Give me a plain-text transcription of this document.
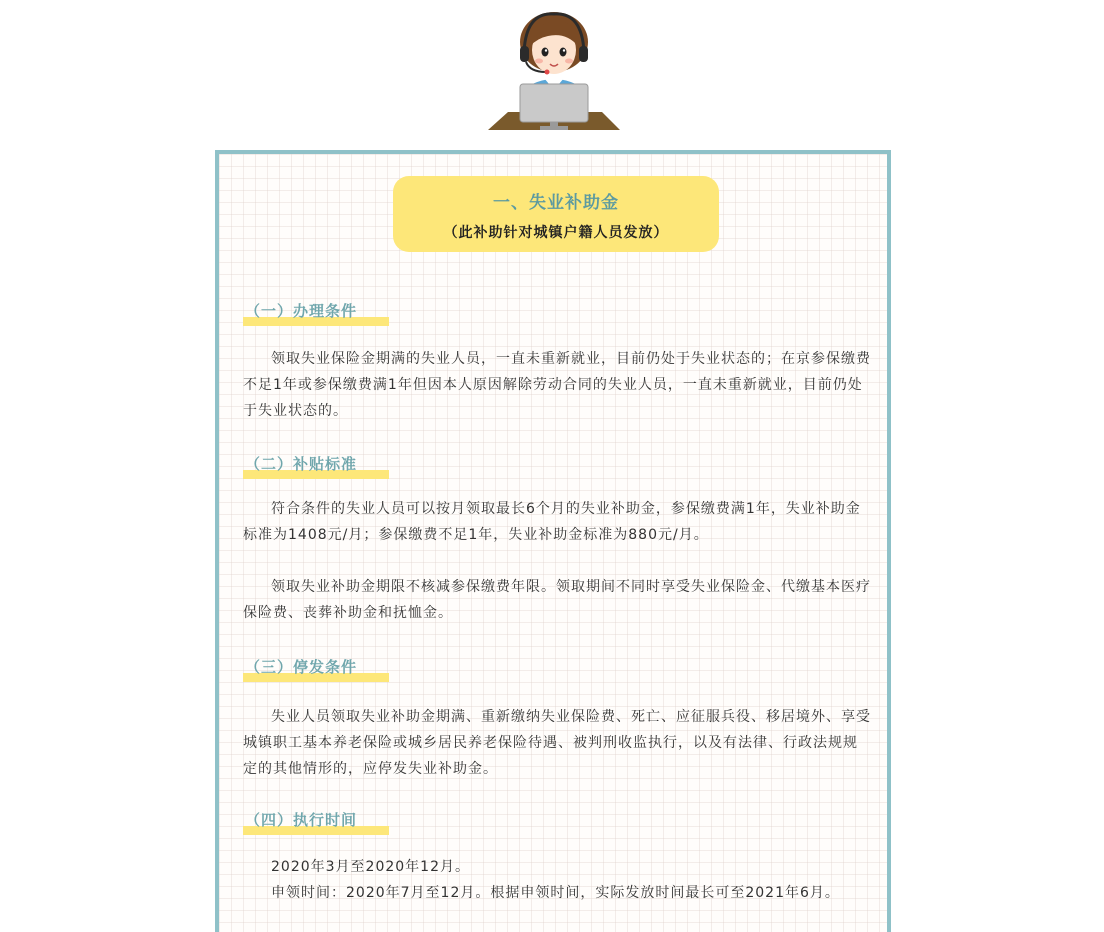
一、失业补助金
（此补助针对城镇户籍人员发放）
（一）办理条件

领取失业保险金期满的失业人员，一直未重新就业，目前仍处于失业状态的；在京参保缴费不足1年或参保缴费满1年但因本人原因解除劳动合同的失业人员，一直未重新就业，目前仍处于失业状态的。

（二）补贴标准

符合条件的失业人员可以按月领取最长6个月的失业补助金，参保缴费满1年，失业补助金标准为1408元/月；参保缴费不足1年，失业补助金标准为880元/月。

领取失业补助金期限不核减参保缴费年限。领取期间不同时享受失业保险金、代缴基本医疗保险费、丧葬补助金和抚恤金。

（三）停发条件

失业人员领取失业补助金期满、重新缴纳失业保险费、死亡、应征服兵役、移居境外、享受城镇职工基本养老保险或城乡居民养老保险待遇、被判刑收监执行，以及有法律、行政法规规定的其他情形的，应停发失业补助金。

（四）执行时间

2020年3月至2020年12月。

申领时间：2020年7月至12月。根据申领时间，实际发放时间最长可至2021年6月。
